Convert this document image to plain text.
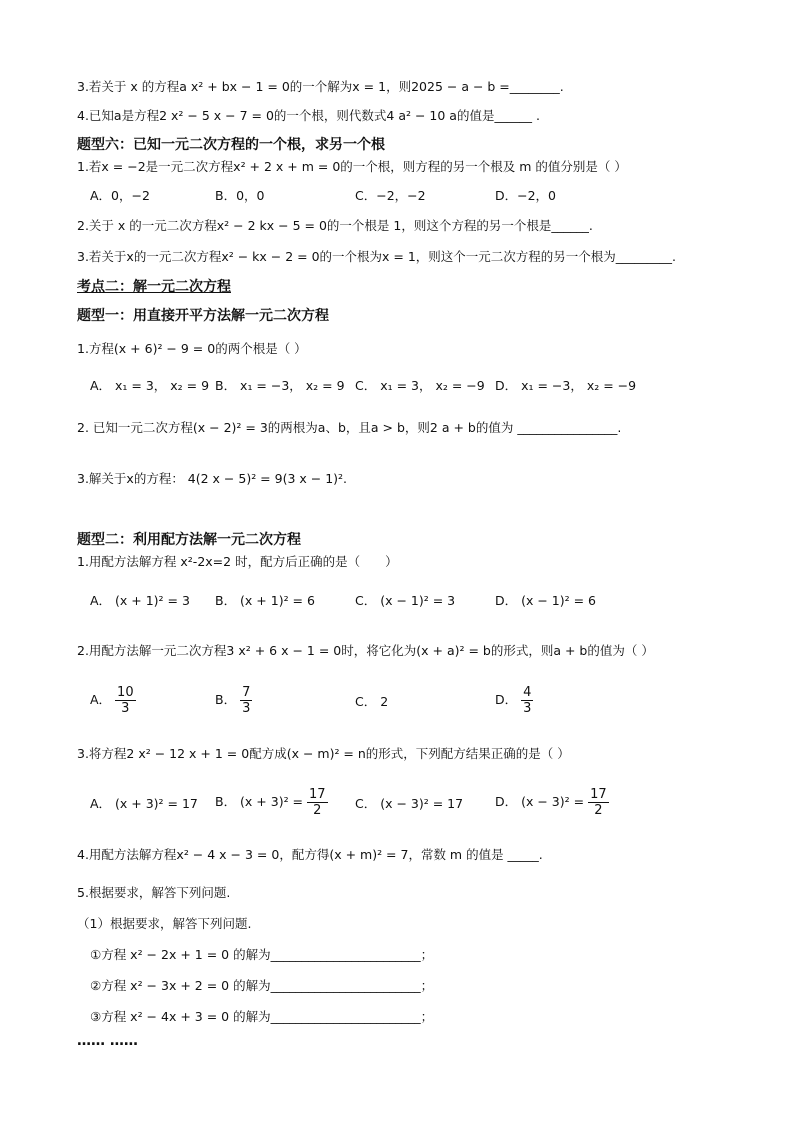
3.若关于 x 的方程a x² + bx − 1 = 0的一个解为x = 1，则2025 − a − b =________.
4.已知a是方程2 x² − 5 x − 7 = 0的一个根，则代数式4 a² − 10 a的值是______ .
题型六：已知一元二次方程的一个根，求另一个根
1.若x = −2是一元二次方程x² + 2 x + m = 0的一个根，则方程的另一个根及 m 的值分别是（ ）
A．0，−2	B．0，0	C．−2，−2	D．−2，0
2.关于 x 的一元二次方程x² − 2 kx − 5 = 0的一个根是 1，则这个方程的另一个根是______.
3.若关于x的一元二次方程x² − kx − 2 = 0的一个根为x = 1，则这个一元二次方程的另一个根为_________.
考点二：解一元二次方程
题型一：用直接开平方法解一元二次方程
1.方程(x + 6)² − 9 = 0的两个根是（ ）
A． x₁ = 3， x₂ = 9 B． x₁ = −3， x₂ = 9 C． x₁ = 3， x₂ = −9 D． x₁ = −3， x₂ = −9
2. 已知一元二次方程(x − 2)² = 3的两根为a、b，且a > b，则2 a + b的值为 ________________.
3.解关于x的方程： 4(2 x − 5)² = 9(3 x − 1)².
题型二：利用配方法解一元二次方程
1.用配方法解方程 x²-2x=2 时，配方后正确的是（　　）
A． (x + 1)² = 3 B． (x + 1)² = 6	C． (x − 1)² = 3	D． (x − 1)² = 6
2.用配方法解一元二次方程3 x² + 6 x − 1 = 0时，将它化为(x + a)² = b的形式，则a + b的值为（ ）
A． $\frac{10}{3}$	B． $\frac{7}{3}$	C． 2	D． $\frac{4}{3}$
3.将方程2 x² − 12 x + 1 = 0配方成(x − m)² = n的形式，下列配方结果正确的是（ ）
A． (x + 3)² = 17 B． $(x + 3)^2 = \frac{17}{2}$ C． (x − 3)² = 17	D． $(x - 3)^2 = \frac{17}{2}$
4.用配方法解方程x² − 4 x − 3 = 0，配方得(x + m)² = 7，常数 m 的值是 _____.
5.根据要求，解答下列问题.
（1）根据要求，解答下列问题.
①方程 x² − 2x + 1 = 0 的解为________________________；
②方程 x² − 3x + 2 = 0 的解为________________________；
③方程 x² − 4x + 3 = 0 的解为________________________；
…… ……
